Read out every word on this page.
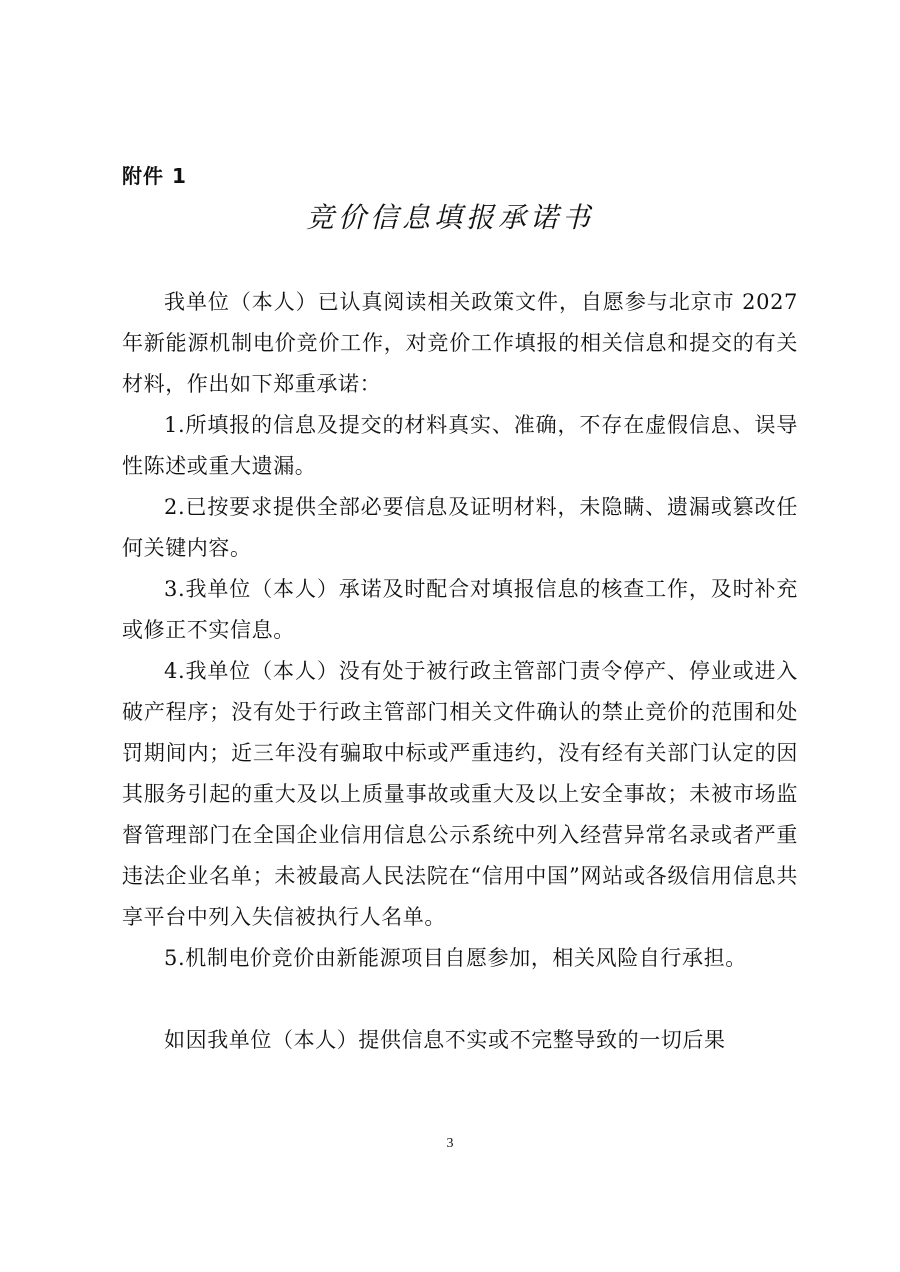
附件 1
竞价信息填报承诺书

我单位（本人）已认真阅读相关政策文件，自愿参与北京市 2027 年新能源机制电价竞价工作，对竞价工作填报的相关信息和提交的有关材料，作出如下郑重承诺：

1.所填报的信息及提交的材料真实、准确，不存在虚假信息、误导性陈述或重大遗漏。

2.已按要求提供全部必要信息及证明材料，未隐瞒、遗漏或篡改任何关键内容。

3.我单位（本人）承诺及时配合对填报信息的核查工作，及时补充或修正不实信息。

4.我单位（本人）没有处于被行政主管部门责令停产、停业或进入破产程序；没有处于行政主管部门相关文件确认的禁止竞价的范围和处罚期间内；近三年没有骗取中标或严重违约，没有经有关部门认定的因其服务引起的重大及以上质量事故或重大及以上安全事故；未被市场监督管理部门在全国企业信用信息公示系统中列入经营异常名录或者严重违法企业名单；未被最高人民法院在“信用中国”网站或各级信用信息共享平台中列入失信被执行人名单。

5.机制电价竞价由新能源项目自愿参加，相关风险自行承担。

如因我单位（本人）提供信息不实或不完整导致的一切后果

3
